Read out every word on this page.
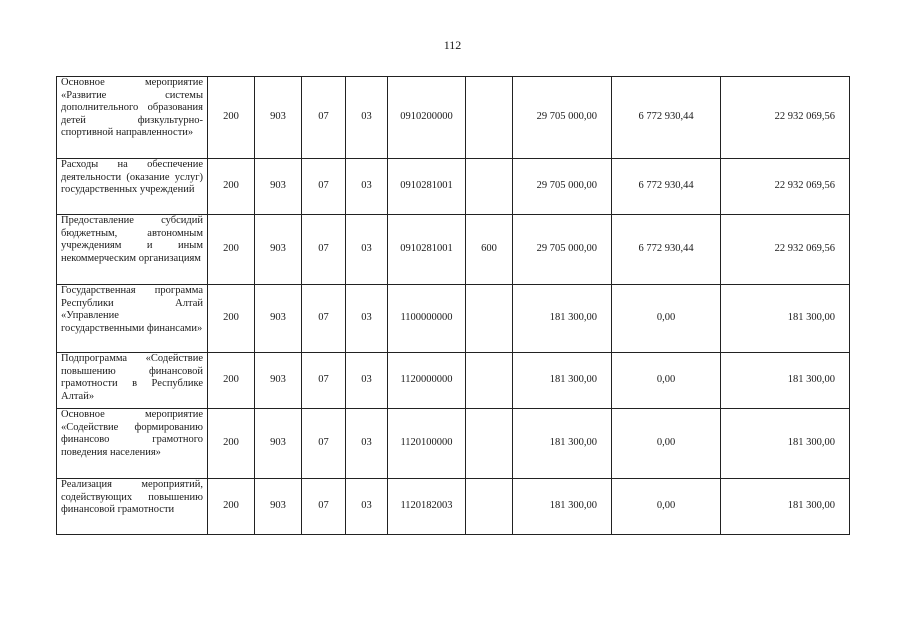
112
Основное мероприятие «Развитие системы дополнительного образования детей физкультурно-спортивной направленности»	200	903	07	03	0910200000		29 705 000,00	6 772 930,44	22 932 069,56
Расходы на обеспечение деятельности (оказание услуг) государственных учреждений	200	903	07	03	0910281001		29 705 000,00	6 772 930,44	22 932 069,56
Предоставление субсидий бюджетным, автономным учреждениям и иным некоммерческим организациям	200	903	07	03	0910281001	600	29 705 000,00	6 772 930,44	22 932 069,56
Государственная программа Республики Алтай «Управление государственными финансами»	200	903	07	03	1100000000		181 300,00	0,00	181 300,00
Подпрограмма «Содействие повышению финансовой грамотности в Республике Алтай»	200	903	07	03	1120000000		181 300,00	0,00	181 300,00
Основное мероприятие «Содействие формированию финансово грамотного поведения населения»	200	903	07	03	1120100000		181 300,00	0,00	181 300,00
Реализация мероприятий, содействующих повышению финансовой грамотности	200	903	07	03	1120182003		181 300,00	0,00	181 300,00
